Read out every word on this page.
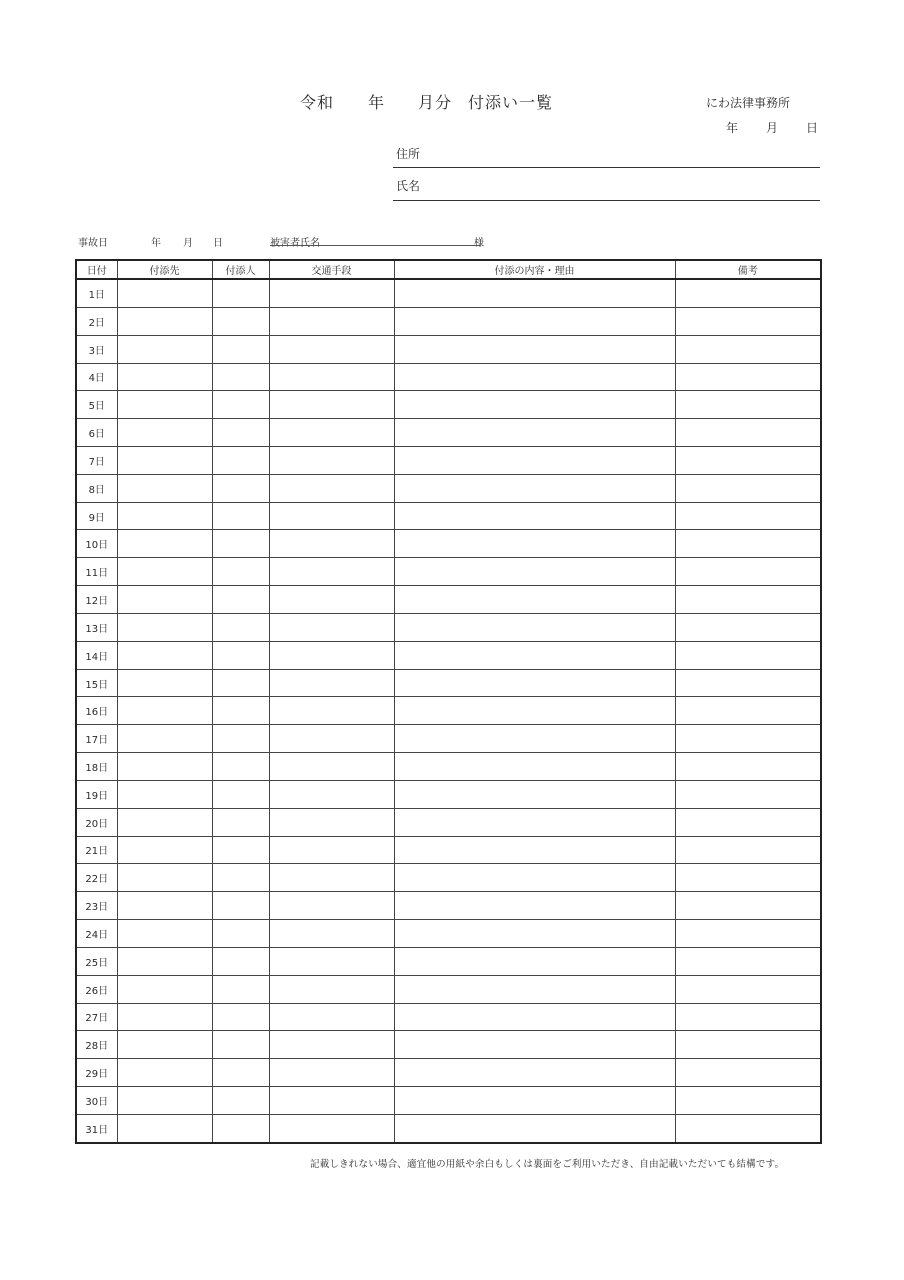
令和 年 月分 付添い一覧	にわ法律事務所
年 月 日
住所
氏名
事故日	年 月 日	被害者氏名	様
日付	付添先	付添人	交通手段	付添の内容・理由	備考
1日					
2日					
3日					
4日					
5日					
6日					
7日					
8日					
9日					
10日					
11日					
12日					
13日					
14日					
15日					
16日					
17日					
18日					
19日					
20日					
21日					
22日					
23日					
24日					
25日					
26日					
27日					
28日					
29日					
30日					
31日					
記載しきれない場合、適宜他の用紙や余白もしくは裏面をご利用いただき、自由記載いただいても結構です。
